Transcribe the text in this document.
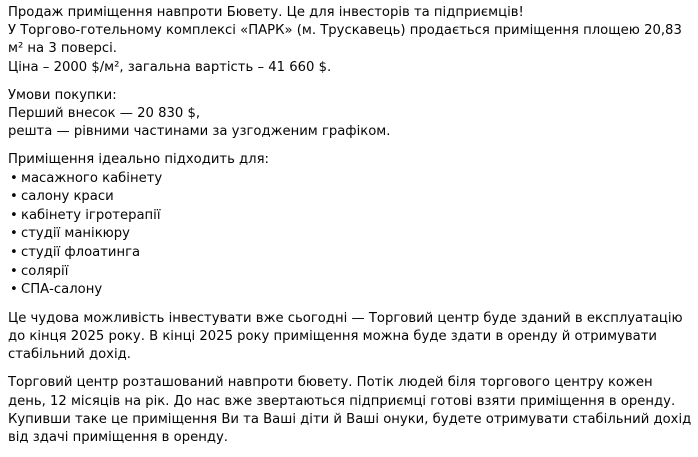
Продаж приміщення навпроти Бювету. Це для інвесторів та підприємців!
У Торгово-готельному комплексі «ПАРК» (м. Трускавець) продається приміщення площею 20,83 м² на 3 поверсі.
Ціна – 2000 $/м², загальна вартість – 41 660 $.
Умови покупки:
Перший внесок — 20 830 $,
решта — рівними частинами за узгодженим графіком.
Приміщення ідеально підходить для:
• масажного кабінету
• салону краси
• кабінету ігротерапії
• студії манікюру
• студії флоатинга
• солярії
• СПА-салону
Це чудова можливість інвестувати вже сьогодні — Торговий центр буде зданий в експлуатацію до кінця 2025 року. В кінці 2025 року приміщення можна буде здати в оренду й отримувати стабільний дохід.
Торговий центр розташований навпроти бювету. Потік людей біля торгового центру кожен день, 12 місяців на рік. До нас вже звертаються підприємці готові взяти приміщення в оренду. Купивши таке це приміщення Ви та Ваші діти й Ваші онуки, будете отримувати стабільний дохід від здачі приміщення в оренду.
